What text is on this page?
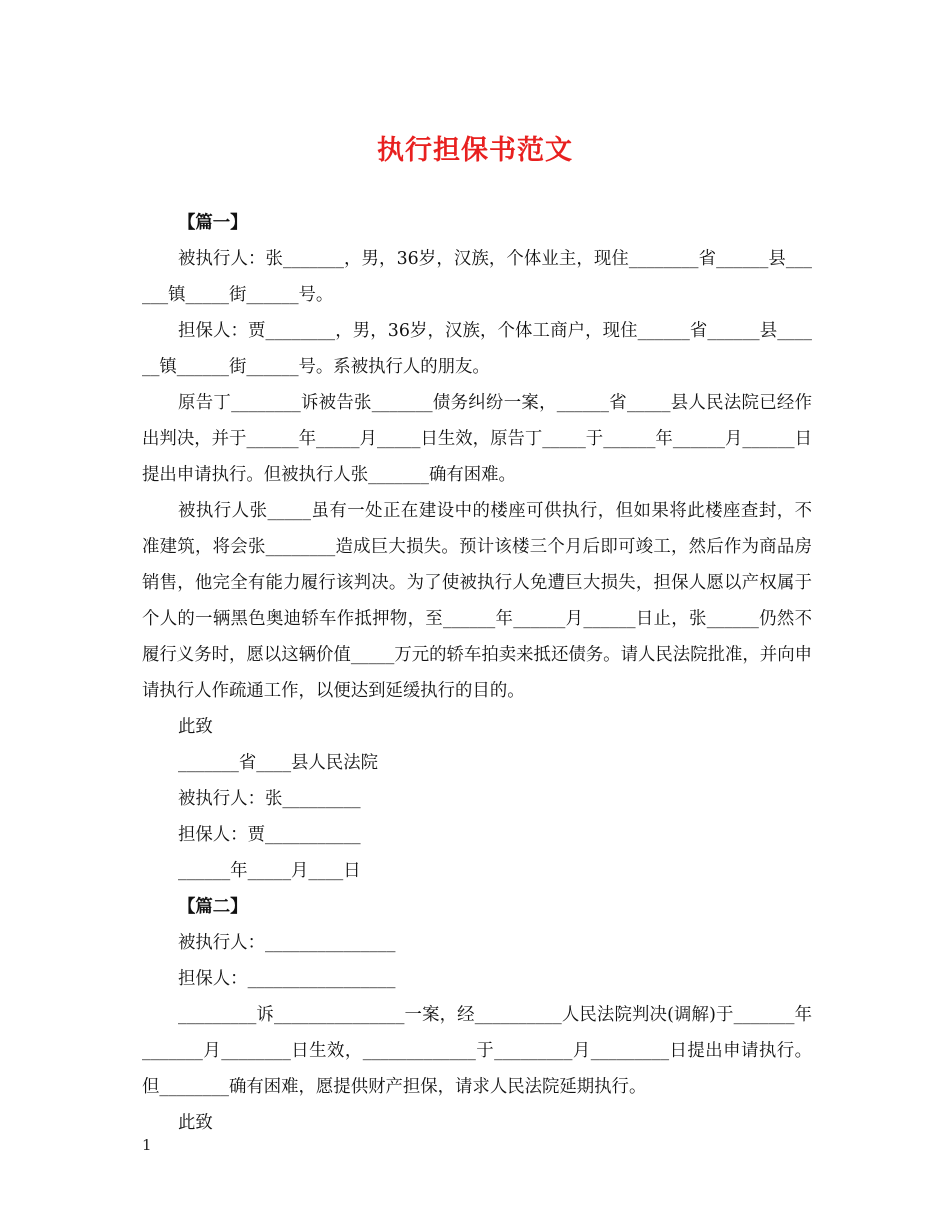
执行担保书范文

【篇一】

被执行人：张_______，男，36岁，汉族，个体业主，现住________省______县______镇_____街______号。

担保人：贾________，男，36岁，汉族，个体工商户，现住______省______县______镇______街______号。系被执行人的朋友。

原告丁________诉被告张_______债务纠纷一案，______省_____县人民法院已经作出判决，并于______年_____月_____日生效，原告丁_____于______年______月______日提出申请执行。但被执行人张_______确有困难。

被执行人张_____虽有一处正在建设中的楼座可供执行，但如果将此楼座查封，不准建筑，将会张________造成巨大损失。预计该楼三个月后即可竣工，然后作为商品房销售，他完全有能力履行该判决。为了使被执行人免遭巨大损失，担保人愿以产权属于个人的一辆黑色奥迪轿车作抵押物，至______年______月______日止，张______仍然不履行义务时，愿以这辆价值_____万元的轿车拍卖来抵还债务。请人民法院批准，并向申请执行人作疏通工作，以便达到延缓执行的目的。

此致

_______省____县人民法院

被执行人：张_________

担保人：贾___________

______年_____月____日

【篇二】

被执行人：_______________

担保人：_________________

_________诉_______________一案，经__________人民法院判决(调解)于_______年_______月________日生效，_____________于_________月_________日提出申请执行。但________确有困难，愿提供财产担保，请求人民法院延期执行。

此致

1
